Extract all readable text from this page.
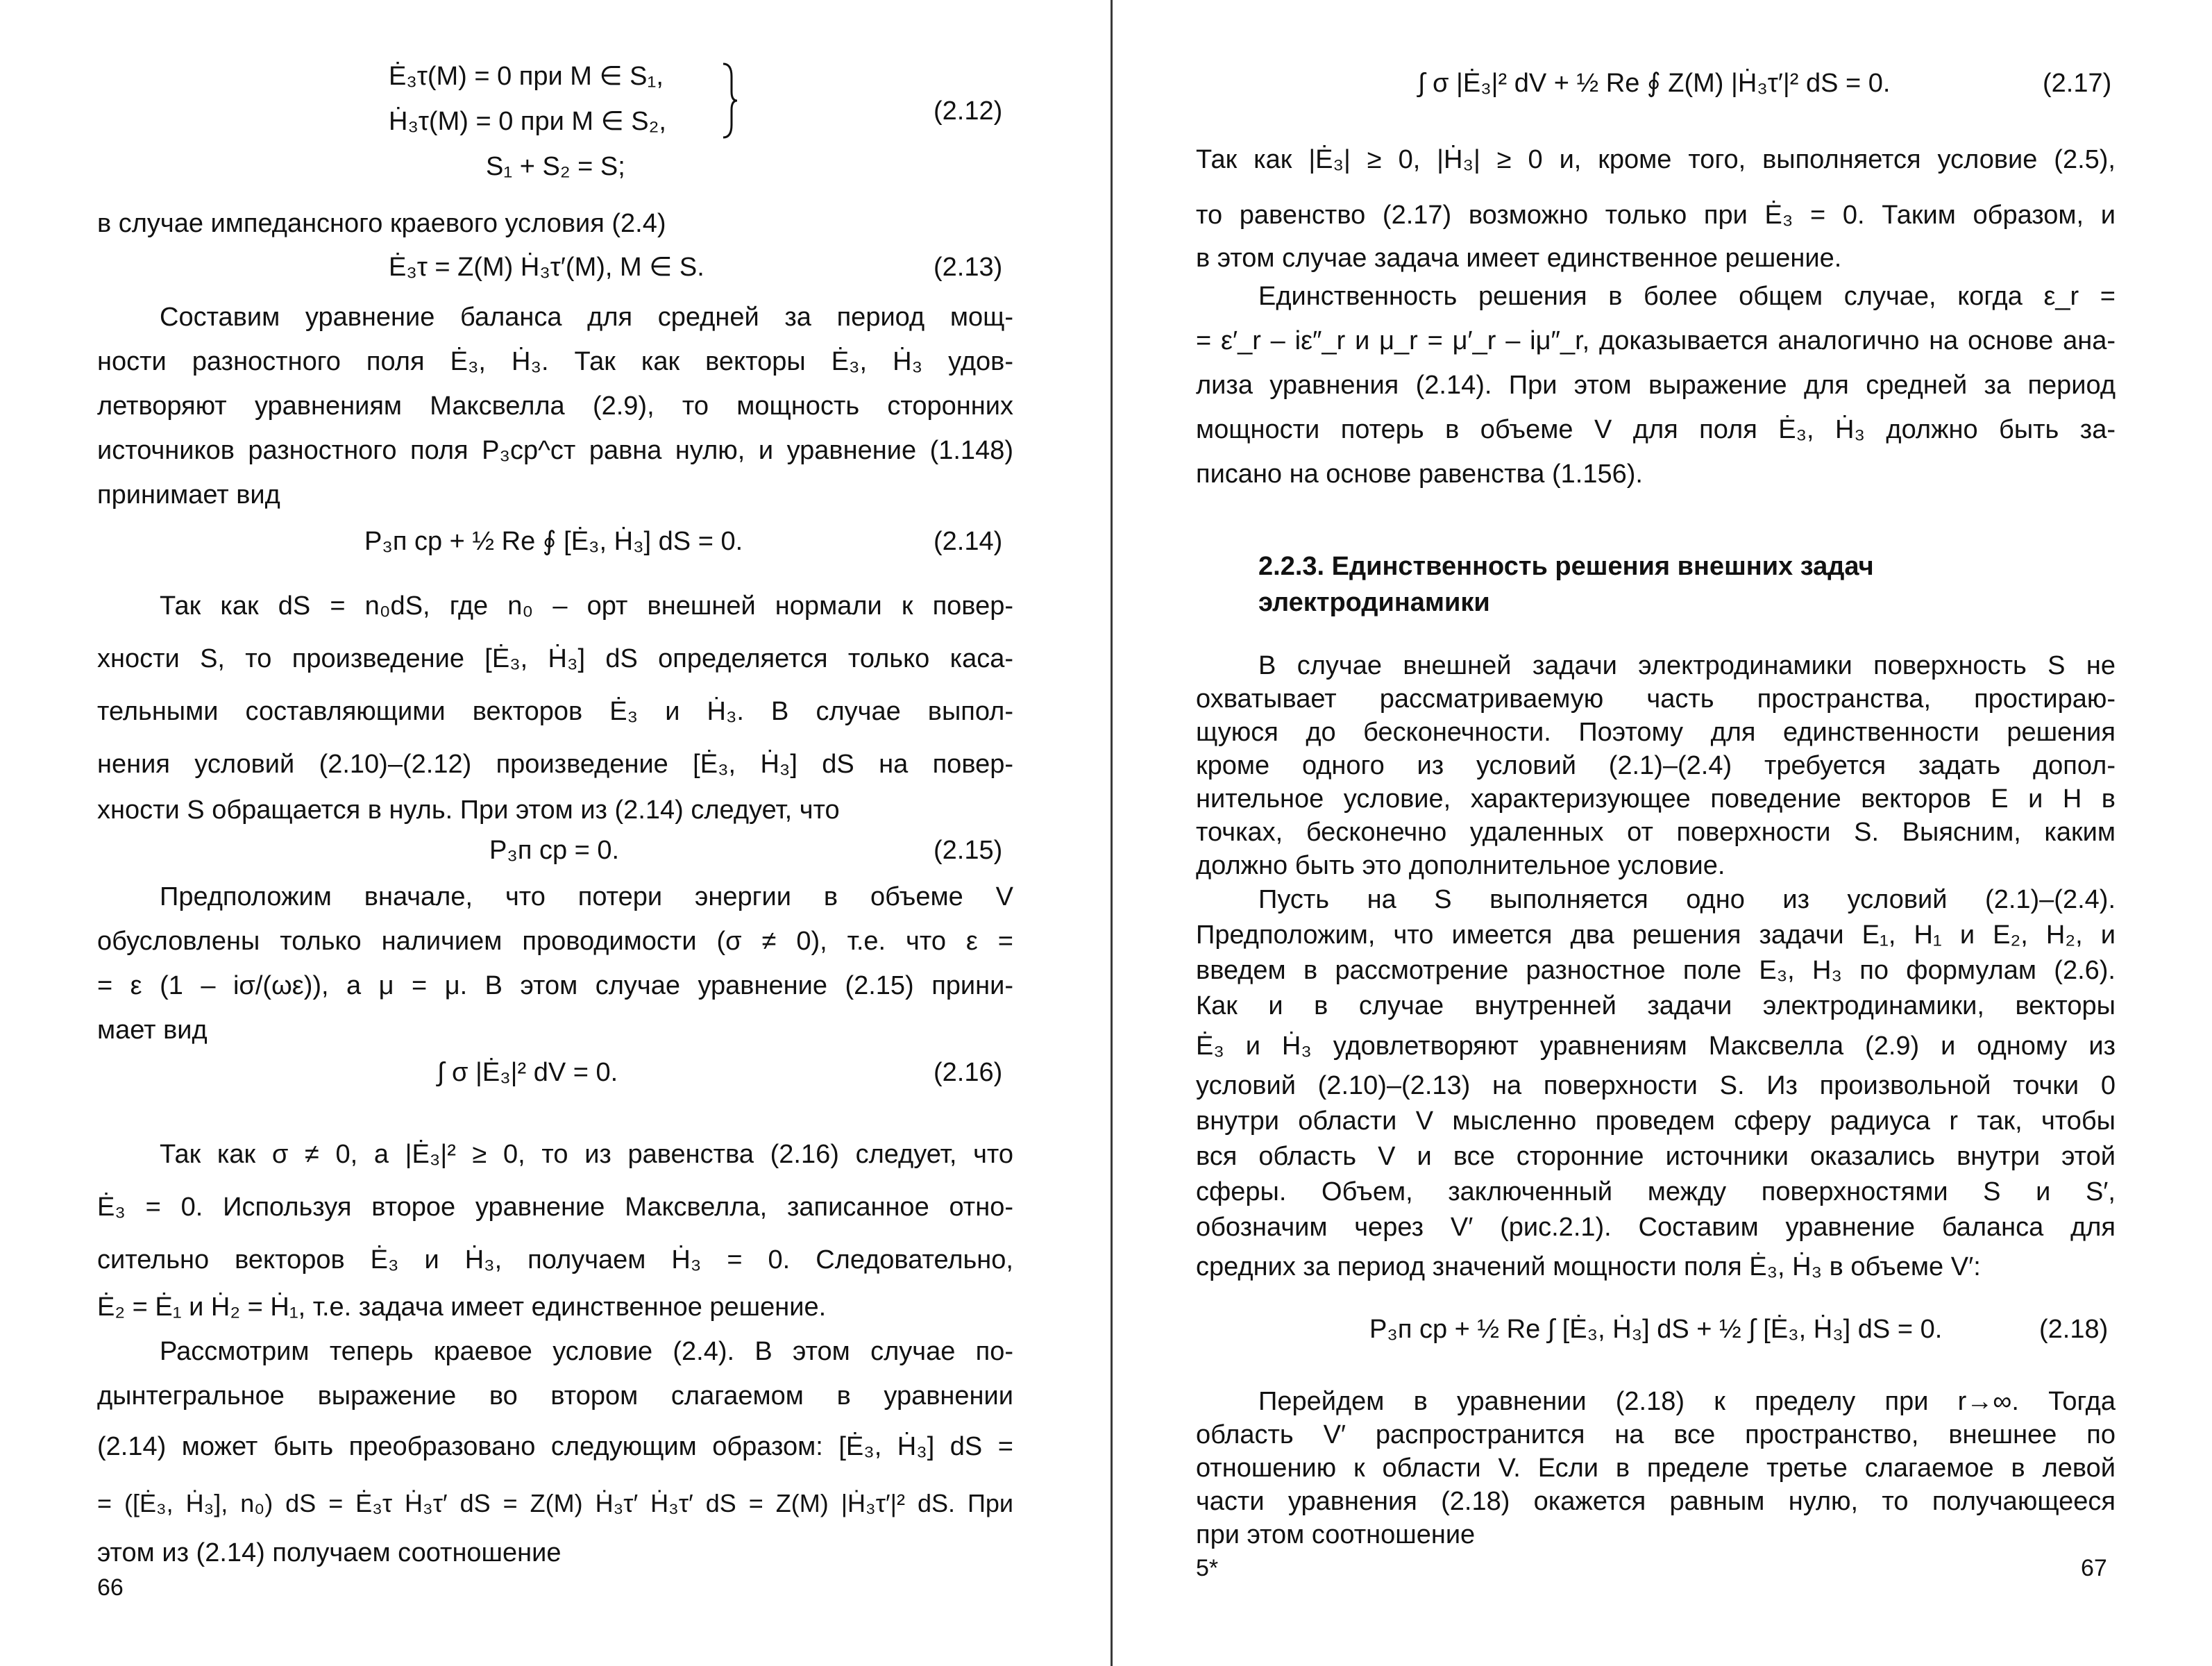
Ė₃τ(M) = 0 при M ∈ S₁,
Ḣ₃τ(M) = 0 при M ∈ S₂,
S₁ + S₂ = S;
(2.12)
в случае импедансного краевого условия (2.4)
Ė₃τ = Z(M) Ḣ₃τ′(M), M ∈ S.	(2.13)
Составим уравнение баланса для средней за период мощ-
ности разностного поля Ė₃, Ḣ₃. Так как векторы Ė₃, Ḣ₃ удов-
летворяют уравнениям Максвелла (2.9), то мощность сторонних
источников разностного поля P₃ср^ст равна нулю, и уравнение (1.148)
принимает вид
P₃п ср + ½ Re ∮ [Ė₃, Ḣ₃] dS = 0.	(2.14)
Так как dS = n₀dS, где n₀ – орт внешней нормали к повер-
хности S, то произведение [Ė₃, Ḣ₃] dS определяется только каса-
тельными составляющими векторов Ė₃ и Ḣ₃. В случае выпол-
нения условий (2.10)–(2.12) произведение [Ė₃, Ḣ₃] dS на повер-
хности S обращается в нуль. При этом из (2.14) следует, что
P₃п ср = 0.	(2.15)
Предположим вначале, что потери энергии в объеме V
обусловлены только наличием проводимости (σ ≠ 0), т.е. что ε =
= ε (1 – iσ/(ωε)), а μ = μ. В этом случае уравнение (2.15) прини-
мает вид
∫ σ |Ė₃|² dV = 0.	(2.16)
Так как σ ≠ 0, а |Ė₃|² ≥ 0, то из равенства (2.16) следует, что
Ė₃ = 0. Используя второе уравнение Максвелла, записанное отно-
сительно векторов Ė₃ и Ḣ₃, получаем Ḣ₃ = 0. Следовательно,
Ė₂ = Ė₁ и Ḣ₂ = Ḣ₁, т.е. задача имеет единственное решение.
Рассмотрим теперь краевое условие (2.4). В этом случае по-
дынтегральное выражение во втором слагаемом в уравнении
(2.14) может быть преобразовано следующим образом: [Ė₃, Ḣ₃] dS =
= ([Ė₃, Ḣ₃], n₀) dS = Ė₃τ Ḣ₃τ′ dS = Z(M) Ḣ₃τ′ Ḣ₃τ′ dS = Z(M) |Ḣ₃τ′|² dS. При
этом из (2.14) получаем соотношение
66
∫ σ |Ė₃|² dV + ½ Re ∮ Z(M) |Ḣ₃τ′|² dS = 0.	(2.17)
Так как |Ė₃| ≥ 0, |Ḣ₃| ≥ 0 и, кроме того, выполняется условие (2.5),
то равенство (2.17) возможно только при Ė₃ = 0. Таким образом, и
в этом случае задача имеет единственное решение.
Единственность решения в более общем случае, когда ε_r =
= ε′_r – iε″_r и μ_r = μ′_r – iμ″_r, доказывается аналогично на основе ана-
лиза уравнения (2.14). При этом выражение для средней за период
мощности потерь в объеме V для поля Ė₃, Ḣ₃ должно быть за-
писано на основе равенства (1.156).
2.2.3. Единственность решения внешних задач
электродинамики
В случае внешней задачи электродинамики поверхность S не
охватывает рассматриваемую часть пространства, простираю-
щуюся до бесконечности. Поэтому для единственности решения
кроме одного из условий (2.1)–(2.4) требуется задать допол-
нительное условие, характеризующее поведение векторов E и H в
точках, бесконечно удаленных от поверхности S. Выясним, каким
должно быть это дополнительное условие.
Пусть на S выполняется одно из условий (2.1)–(2.4).
Предположим, что имеется два решения задачи E₁, H₁ и E₂, H₂, и
введем в рассмотрение разностное поле E₃, H₃ по формулам (2.6).
Как и в случае внутренней задачи электродинамики, векторы
Ė₃ и Ḣ₃ удовлетворяют уравнениям Максвелла (2.9) и одному из
условий (2.10)–(2.13) на поверхности S. Из произвольной точки 0
внутри области V мысленно проведем сферу радиуса r так, чтобы
вся область V и все сторонние источники оказались внутри этой
сферы. Объем, заключенный между поверхностями S и S′,
обозначим через V′ (рис.2.1). Составим уравнение баланса для
средних за период значений мощности поля Ė₃, Ḣ₃ в объеме V′:
P₃п ср + ½ Re ∫ [Ė₃, Ḣ₃] dS + ½ ∫ [Ė₃, Ḣ₃] dS = 0.	(2.18)
Перейдем в уравнении (2.18) к пределу при r→∞. Тогда
область V′ распространится на все пространство, внешнее по
отношению к области V. Если в пределе третье слагаемое в левой
части уравнения (2.18) окажется равным нулю, то получающееся
при этом соотношение
5*	67
